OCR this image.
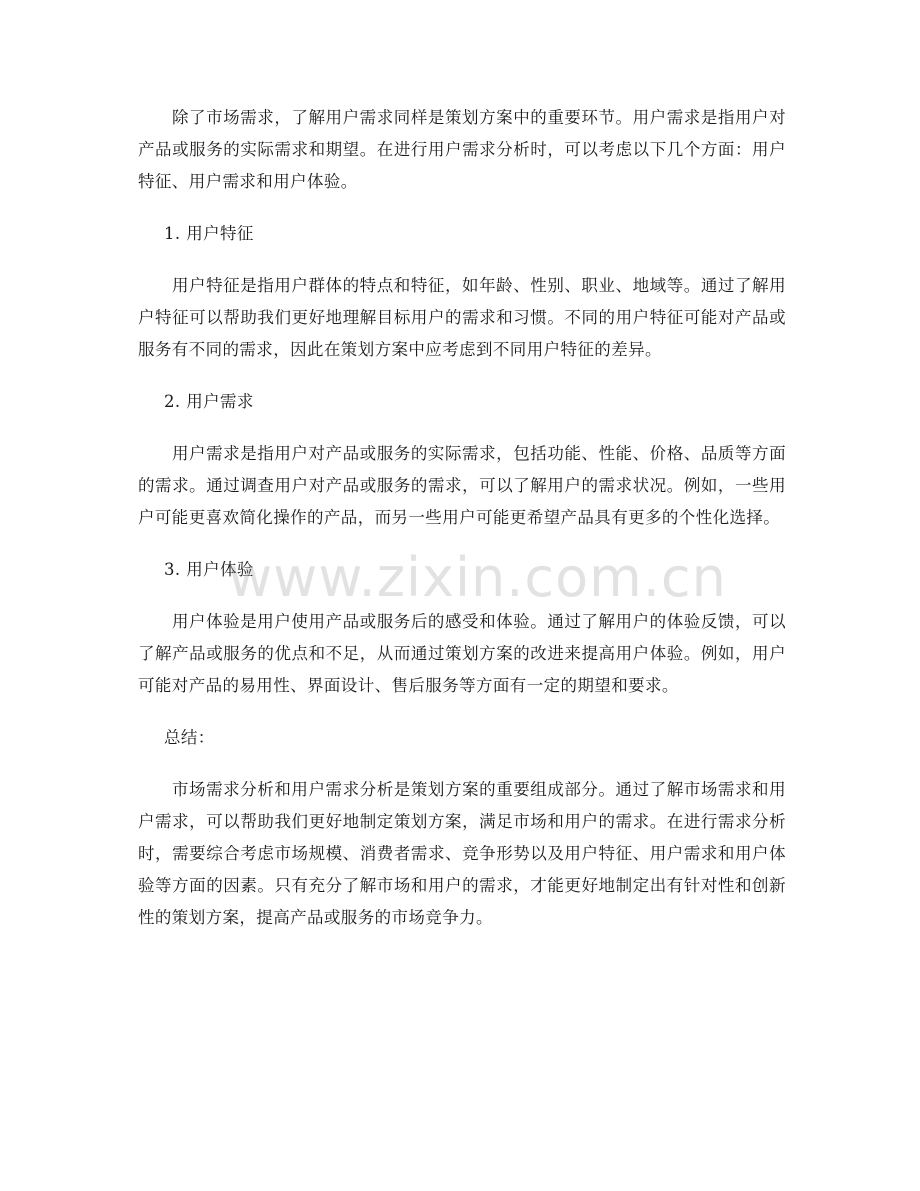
除了市场需求，了解用户需求同样是策划方案中的重要环节。用户需求是指用户对产品或服务的实际需求和期望。在进行用户需求分析时，可以考虑以下几个方面：用户特征、用户需求和用户体验。

1. 用户特征

用户特征是指用户群体的特点和特征，如年龄、性别、职业、地域等。通过了解用户特征可以帮助我们更好地理解目标用户的需求和习惯。不同的用户特征可能对产品或服务有不同的需求，因此在策划方案中应考虑到不同用户特征的差异。

2. 用户需求

用户需求是指用户对产品或服务的实际需求，包括功能、性能、价格、品质等方面的需求。通过调查用户对产品或服务的需求，可以了解用户的需求状况。例如，一些用户可能更喜欢简化操作的产品，而另一些用户可能更希望产品具有更多的个性化选择。

3. 用户体验

用户体验是用户使用产品或服务后的感受和体验。通过了解用户的体验反馈，可以了解产品或服务的优点和不足，从而通过策划方案的改进来提高用户体验。例如，用户可能对产品的易用性、界面设计、售后服务等方面有一定的期望和要求。

总结：

市场需求分析和用户需求分析是策划方案的重要组成部分。通过了解市场需求和用户需求，可以帮助我们更好地制定策划方案，满足市场和用户的需求。在进行需求分析时，需要综合考虑市场规模、消费者需求、竞争形势以及用户特征、用户需求和用户体验等方面的因素。只有充分了解市场和用户的需求，才能更好地制定出有针对性和创新性的策划方案，提高产品或服务的市场竞争力。

www.zixin.com.cn
